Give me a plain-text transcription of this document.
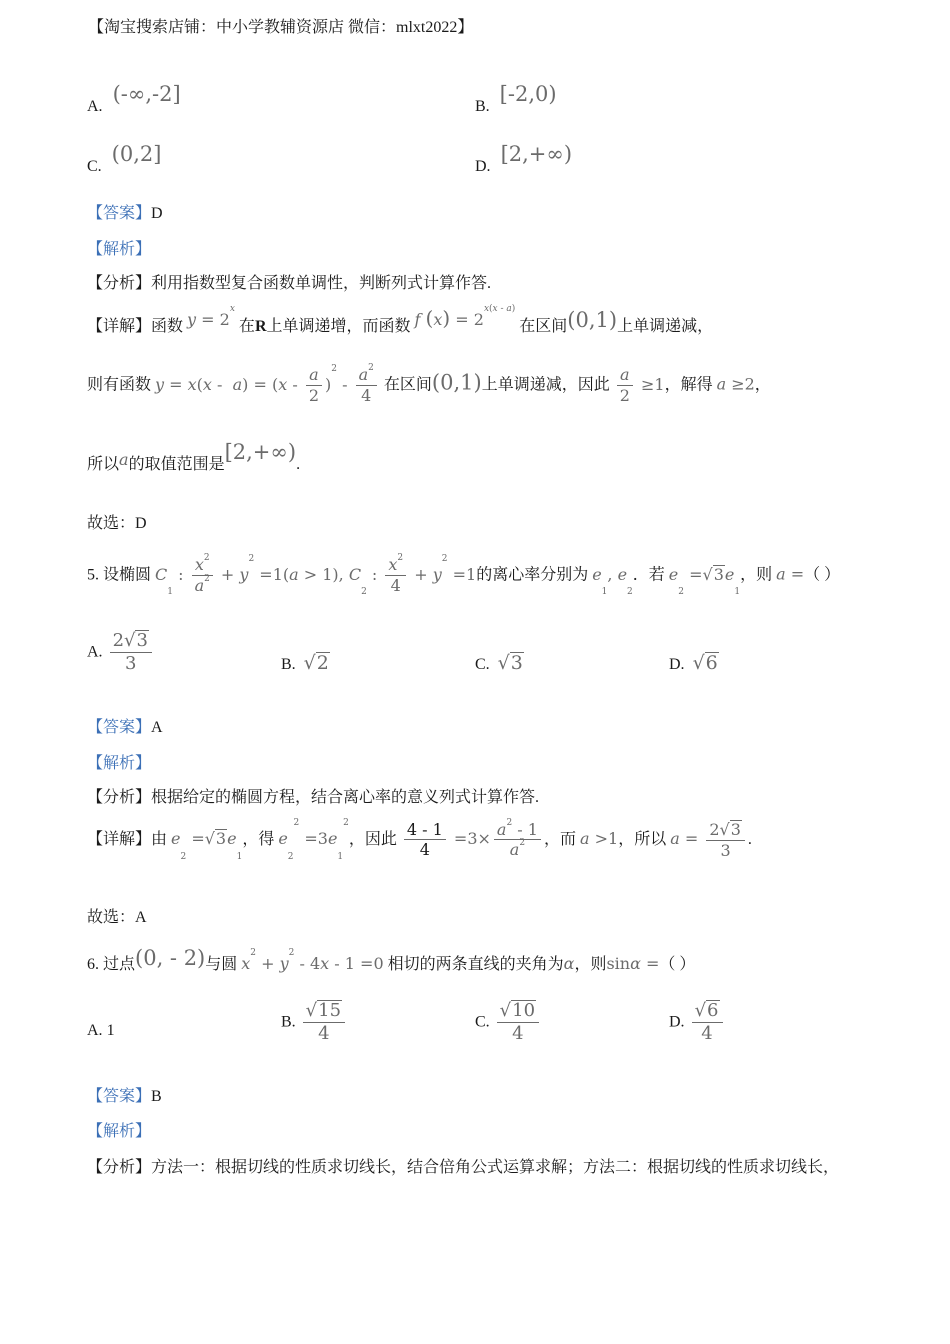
【淘宝搜索店铺：中小学教辅资源店 微信：mlxt2022】
A. (-∞,-2]
B. [-2,0)
C. (0,2]
D. [2,+∞)
【答案】D
【解析】
【分析】利用指数型复合函数单调性，判断列式计算作答.
【详解】函数 $y = 2^x$ 在R上单调递增，而函数 f $(x) = 2^{x(x - a)}$ 在区间(0,1)上单调递减，
则有函数 $y = x(x - a) = (x - \frac{a}{2} )^2 - \frac{a^2}{4}$ 在区间(0,1)上单调递减，因此 $\frac{a}{2} \ge 1$，解得 a ≥2，
所以a的取值范围是[2,+∞).
故选：D
5. 设椭圆 $C_1$ : $\frac{x^2}{a^2} + y^2 =1(a > 1)$, $C_2$ : $\frac{x^2}{4} + y^2 =1$的离心率分别为 $e_1$, $e_2$．若 $e_2 =√3e_1$，则 a =（ ）
A. $\frac{2√3}{3}$	B. √2	C. √3	D. √6
【答案】A
【解析】
【分析】根据给定的椭圆方程，结合离心率的意义列式计算作答.
【详解】由 $e_2 =√3e_1$，得 $e_2^2 =3e_1^2$，因此 $\frac{4 - 1}{4} =3\times \frac{a^2 - 1}{a^2}$ ，而 a >1，所以 $a = \frac{2√3}{3}$ .
故选：A
6. 过点(0, - 2)与圆 $x^2 + y^2 - 4x - 1 =0$ 相切的两条直线的夹角为α，则sinα =（ ）
A. 1
B. $\frac{√15}{4}$	C. $\frac{√10}{4}$	D. $\frac{√6}{4}$
【答案】B
【解析】
【分析】方法一：根据切线的性质求切线长，结合倍角公式运算求解；方法二：根据切线的性质求切线长，
